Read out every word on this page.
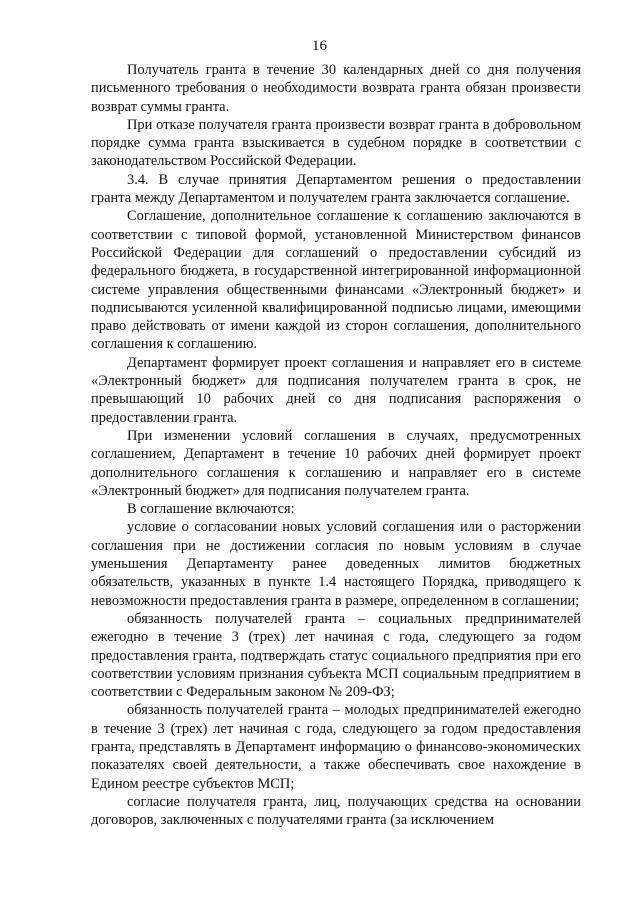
16

Получатель гранта в течение 30 календарных дней со дня получения письменного требования о необходимости возврата гранта обязан произвести возврат суммы гранта.

При отказе получателя гранта произвести возврат гранта в добровольном порядке сумма гранта взыскивается в судебном порядке в соответствии с законодательством Российской Федерации.

3.4. В случае принятия Департаментом решения о предоставлении гранта между Департаментом и получателем гранта заключается соглашение.

Соглашение, дополнительное соглашение к соглашению заключаются в соответствии с типовой формой, установленной Министерством финансов Российской Федерации для соглашений о предоставлении субсидий из федерального бюджета, в государственной интегрированной информационной системе управления общественными финансами «Электронный бюджет» и подписываются усиленной квалифицированной подписью лицами, имеющими право действовать от имени каждой из сторон соглашения, дополнительного соглашения к соглашению.

Департамент формирует проект соглашения и направляет его в системе «Электронный бюджет» для подписания получателем гранта в срок, не превышающий 10 рабочих дней со дня подписания распоряжения о предоставлении гранта.

При изменении условий соглашения в случаях, предусмотренных соглашением, Департамент в течение 10 рабочих дней формирует проект дополнительного соглашения к соглашению и направляет его в системе «Электронный бюджет» для подписания получателем гранта.

В соглашение включаются:

условие о согласовании новых условий соглашения или о расторжении соглашения при не достижении согласия по новым условиям в случае уменьшения Департаменту ранее доведенных лимитов бюджетных обязательств, указанных в пункте 1.4 настоящего Порядка, приводящего к невозможности предоставления гранта в размере, определенном в соглашении;

обязанность получателей гранта – социальных предпринимателей ежегодно в течение 3 (трех) лет начиная с года, следующего за годом предоставления гранта, подтверждать статус социального предприятия при его соответствии условиям признания субъекта МСП социальным предприятием в соответствии с Федеральным законом № 209-ФЗ;

обязанность получателей гранта – молодых предпринимателей ежегодно в течение 3 (трех) лет начиная с года, следующего за годом предоставления гранта, представлять в Департамент информацию о финансово-экономических показателях своей деятельности, а также обеспечивать свое нахождение в Едином реестре субъектов МСП;

согласие получателя гранта, лиц, получающих средства на основании договоров, заключенных с получателями гранта (за исключением
